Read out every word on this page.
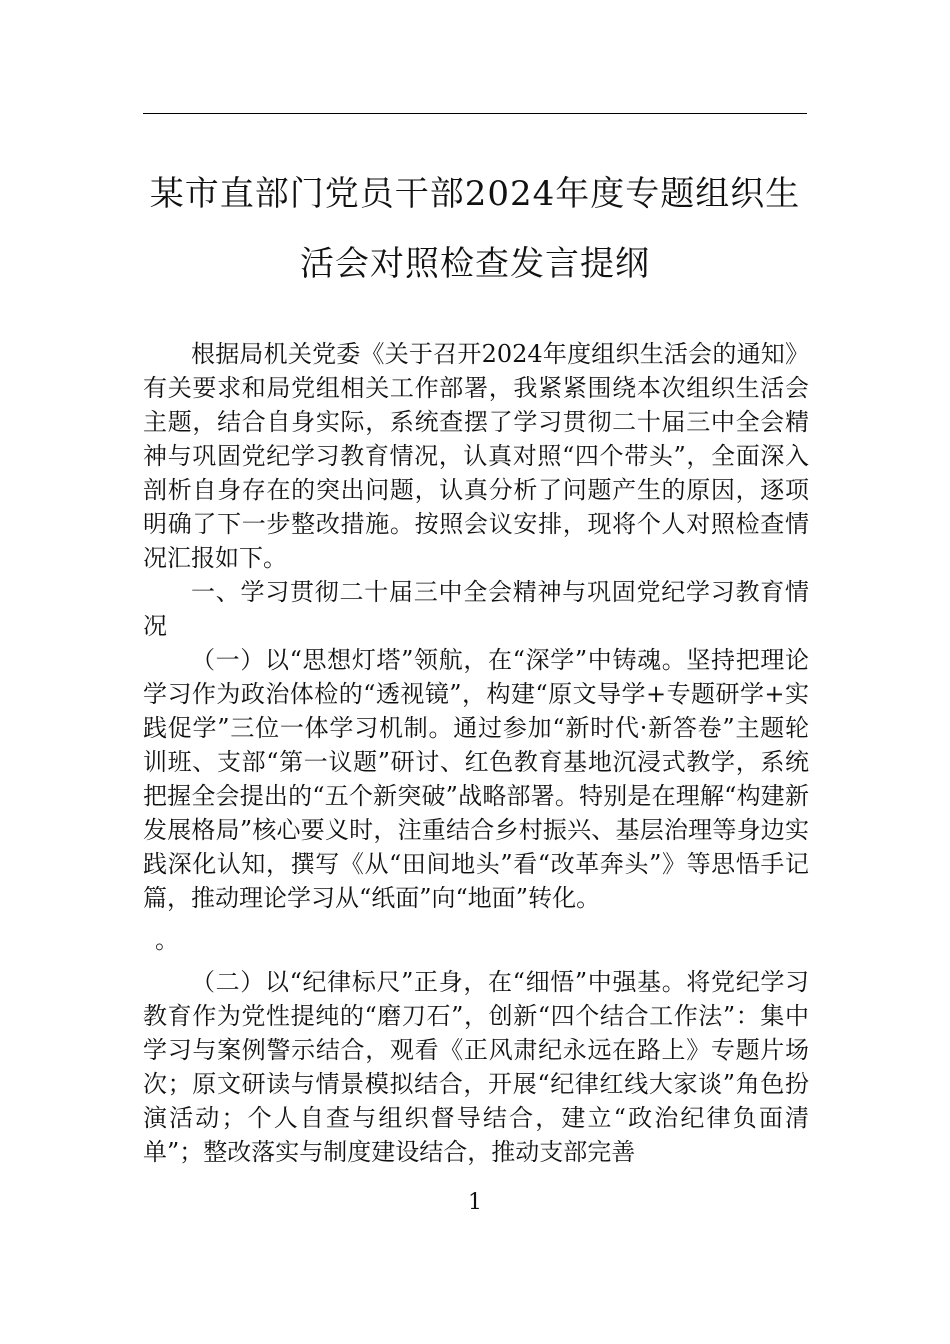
某市直部门党员干部2024年度专题组织生
活会对照检查发言提纲

根据局机关党委《关于召开2024年度组织生活会的通知》有关要求和局党组相关工作部署，我紧紧围绕本次组织生活会主题，结合自身实际，系统查摆了学习贯彻二十届三中全会精神与巩固党纪学习教育情况，认真对照“四个带头”，全面深入剖析自身存在的突出问题，认真分析了问题产生的原因，逐项明确了下一步整改措施。按照会议安排，现将个人对照检查情况汇报如下。

一、学习贯彻二十届三中全会精神与巩固党纪学习教育情况

（一）以“思想灯塔”领航，在“深学”中铸魂。坚持把理论学习作为政治体检的“透视镜”，构建“原文导学+专题研学+实践促学”三位一体学习机制。通过参加“新时代·新答卷”主题轮训班、支部“第一议题”研讨、红色教育基地沉浸式教学，系统把握全会提出的“五个新突破”战略部署。特别是在理解“构建新发展格局”核心要义时，注重结合乡村振兴、基层治理等身边实践深化认知，撰写《从“田间地头”看“改革奔头”》等思悟手记篇，推动理论学习从“纸面”向“地面”转化。

。

（二）以“纪律标尺”正身，在“细悟”中强基。将党纪学习教育作为党性提纯的“磨刀石”，创新“四个结合工作法”：集中学习与案例警示结合，观看《正风肃纪永远在路上》专题片场次；原文研读与情景模拟结合，开展“纪律红线大家谈”角色扮演活动；个人自查与组织督导结合，建立“政治纪律负面清单”；整改落实与制度建设结合，推动支部完善

1
